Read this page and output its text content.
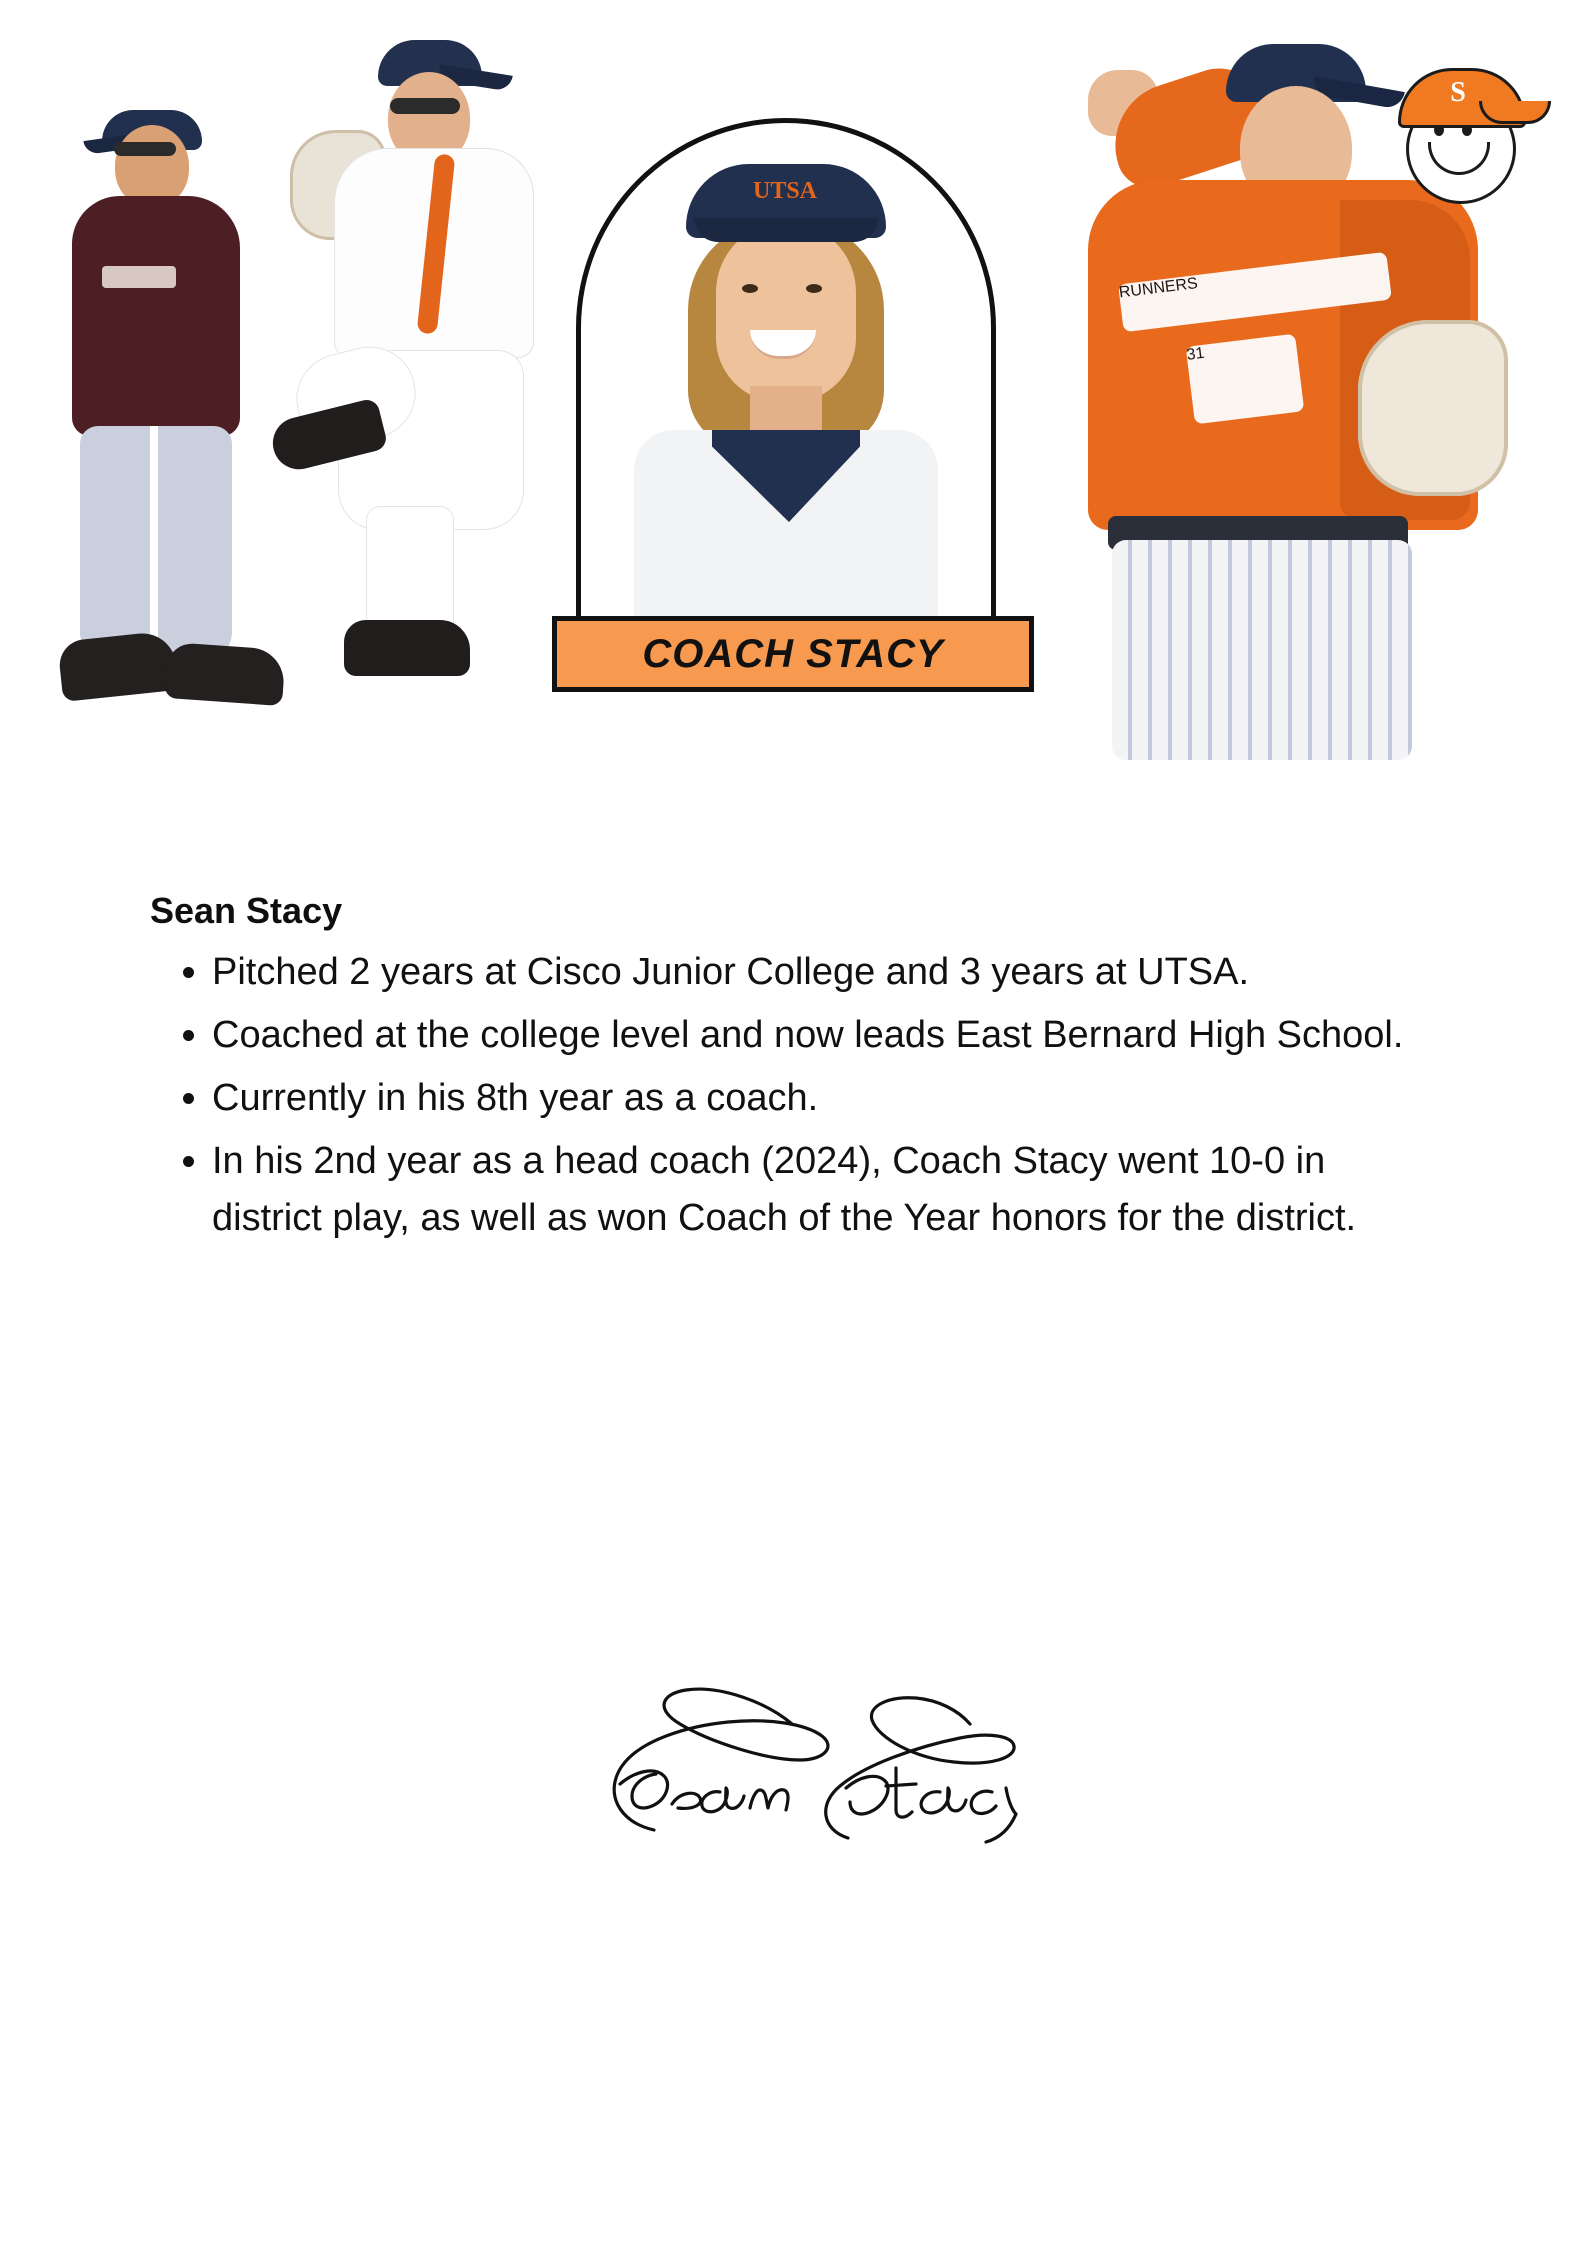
RUNNERS
31
S
UTSA
COACH STACY
Sean Stacy
• Pitched 2 years at Cisco Junior College and 3 years at UTSA.
• Coached at the college level and now leads East Bernard High School.
• Currently in his 8th year as a coach.
• In his 2nd year as a head coach (2024), Coach Stacy went 10-0 in district play, as well as won Coach of the Year honors for the district.
